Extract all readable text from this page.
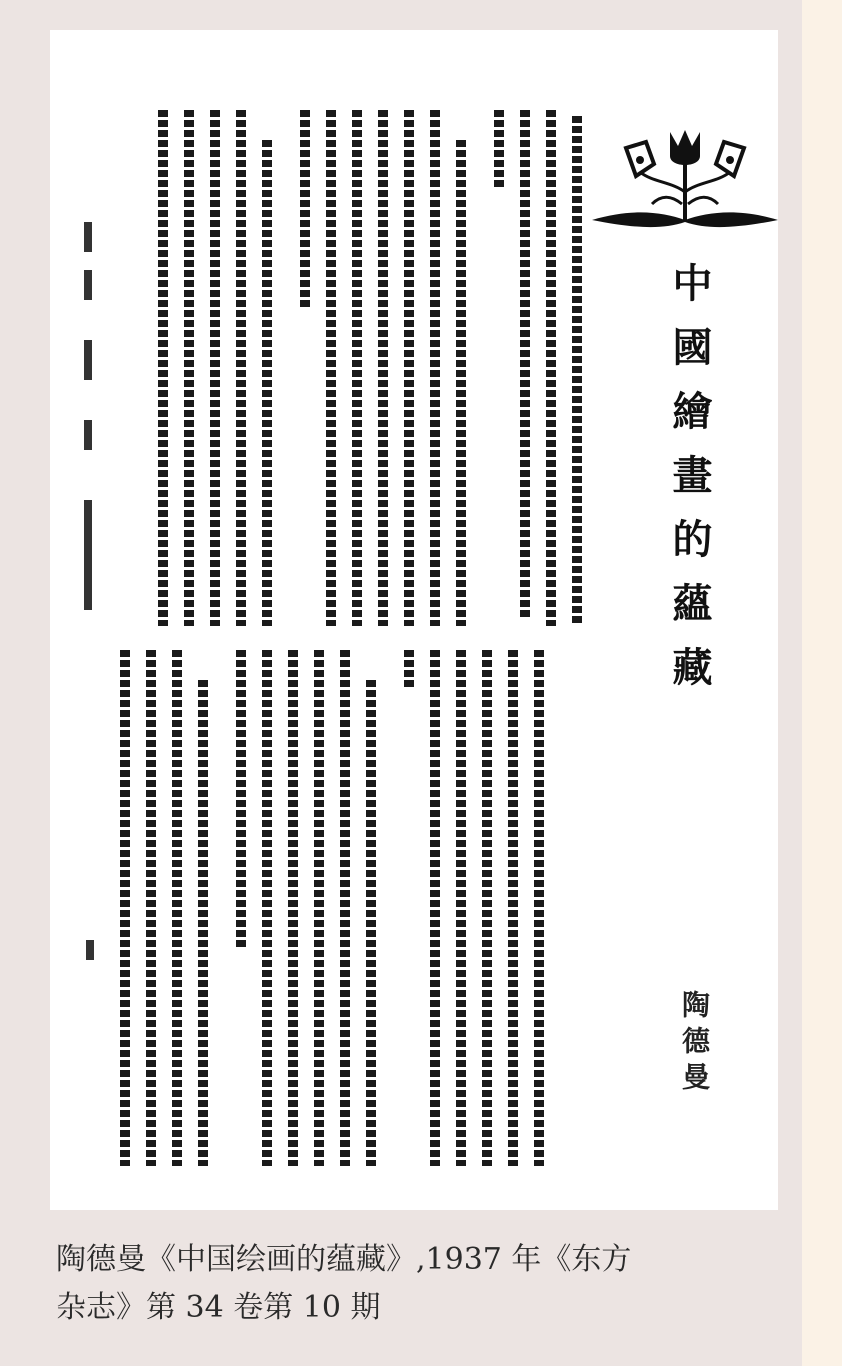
中國繪畫的蘊藏
陶德曼
陶德曼《中国绘画的蕴藏》,1937 年《东方
杂志》第 34 卷第 10 期
